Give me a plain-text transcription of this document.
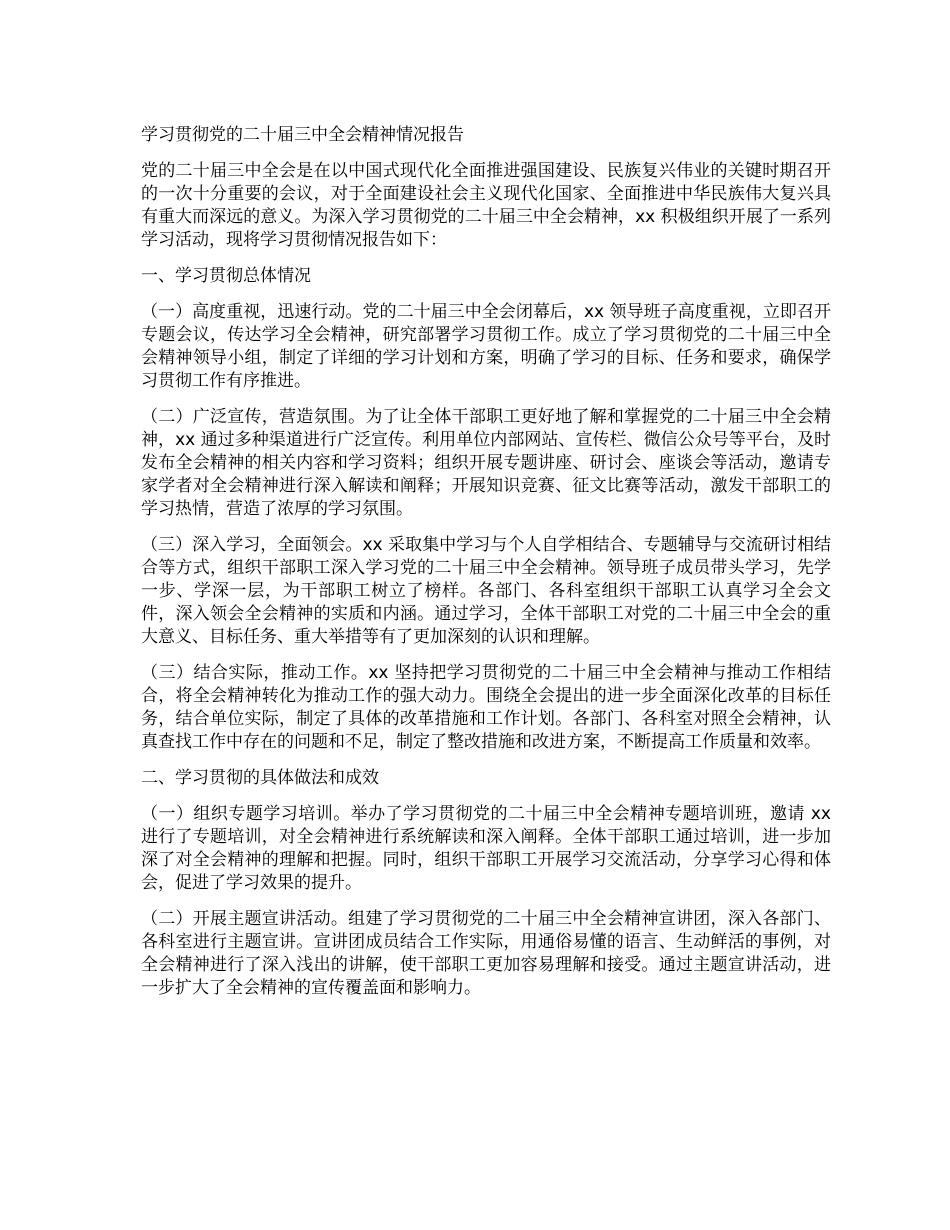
学习贯彻党的二十届三中全会精神情况报告

党的二十届三中全会是在以中国式现代化全面推进强国建设、民族复兴伟业的关键时期召开的一次十分重要的会议，对于全面建设社会主义现代化国家、全面推进中华民族伟大复兴具有重大而深远的意义。为深入学习贯彻党的二十届三中全会精神，xx 积极组织开展了一系列学习活动，现将学习贯彻情况报告如下：

一、学习贯彻总体情况

（一）高度重视，迅速行动。党的二十届三中全会闭幕后，xx 领导班子高度重视，立即召开专题会议，传达学习全会精神，研究部署学习贯彻工作。成立了学习贯彻党的二十届三中全会精神领导小组，制定了详细的学习计划和方案，明确了学习的目标、任务和要求，确保学习贯彻工作有序推进。

（二）广泛宣传，营造氛围。为了让全体干部职工更好地了解和掌握党的二十届三中全会精神，xx 通过多种渠道进行广泛宣传。利用单位内部网站、宣传栏、微信公众号等平台，及时发布全会精神的相关内容和学习资料；组织开展专题讲座、研讨会、座谈会等活动，邀请专家学者对全会精神进行深入解读和阐释；开展知识竞赛、征文比赛等活动，激发干部职工的学习热情，营造了浓厚的学习氛围。

（三）深入学习，全面领会。xx 采取集中学习与个人自学相结合、专题辅导与交流研讨相结合等方式，组织干部职工深入学习党的二十届三中全会精神。领导班子成员带头学习，先学一步、学深一层，为干部职工树立了榜样。各部门、各科室组织干部职工认真学习全会文件，深入领会全会精神的实质和内涵。通过学习，全体干部职工对党的二十届三中全会的重大意义、目标任务、重大举措等有了更加深刻的认识和理解。

（三）结合实际，推动工作。xx 坚持把学习贯彻党的二十届三中全会精神与推动工作相结合，将全会精神转化为推动工作的强大动力。围绕全会提出的进一步全面深化改革的目标任务，结合单位实际，制定了具体的改革措施和工作计划。各部门、各科室对照全会精神，认真查找工作中存在的问题和不足，制定了整改措施和改进方案，不断提高工作质量和效率。

二、学习贯彻的具体做法和成效

（一）组织专题学习培训。举办了学习贯彻党的二十届三中全会精神专题培训班，邀请 xx 进行了专题培训，对全会精神进行系统解读和深入阐释。全体干部职工通过培训，进一步加深了对全会精神的理解和把握。同时，组织干部职工开展学习交流活动，分享学习心得和体会，促进了学习效果的提升。

（二）开展主题宣讲活动。组建了学习贯彻党的二十届三中全会精神宣讲团，深入各部门、各科室进行主题宣讲。宣讲团成员结合工作实际，用通俗易懂的语言、生动鲜活的事例，对全会精神进行了深入浅出的讲解，使干部职工更加容易理解和接受。通过主题宣讲活动，进一步扩大了全会精神的宣传覆盖面和影响力。
